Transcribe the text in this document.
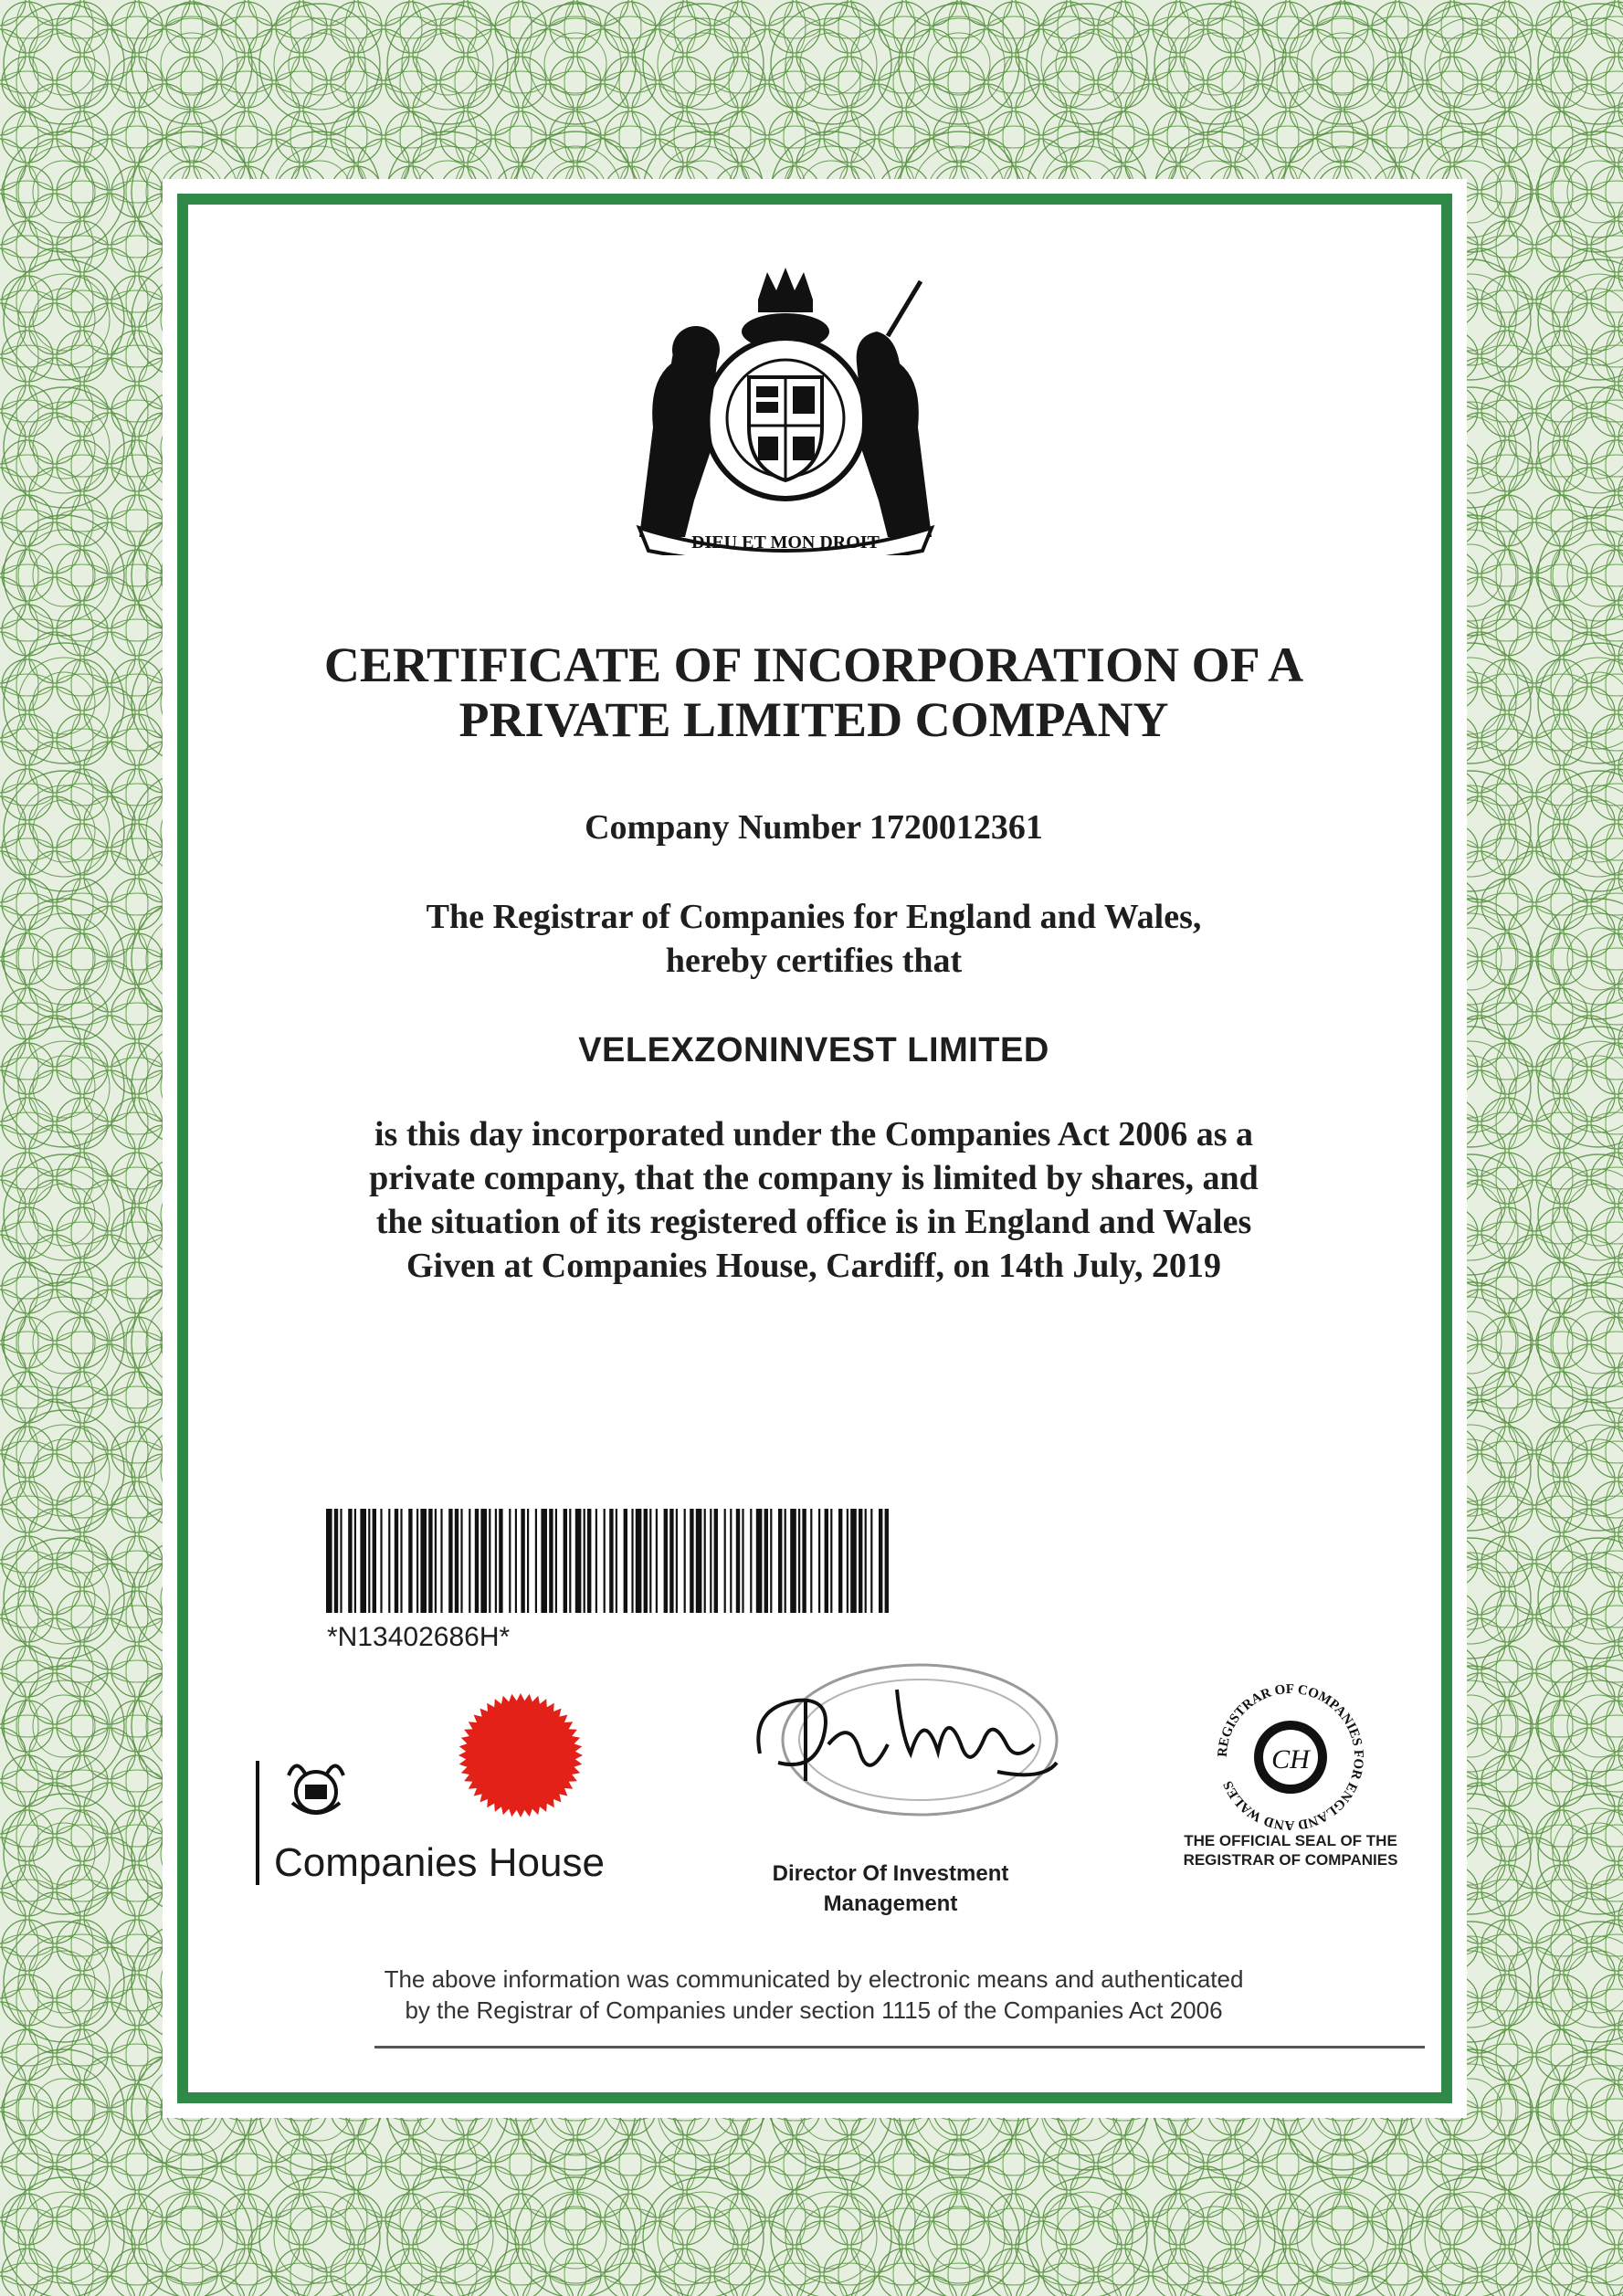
DIEU ET MON DROIT
CERTIFICATE OF INCORPORATION OF A
PRIVATE LIMITED COMPANY
Company Number 1720012361
The Registrar of Companies for England and Wales,
hereby certifies that
VELEXZONINVEST LIMITED
is this day incorporated under the Companies Act 2006 as a
private company, that the company is limited by shares, and
the situation of its registered office is in England and Wales
Given at Companies House, Cardiff, on 14th July, 2019
*N13402686H*
Companies House	Director Of Investment
Management
REGISTRAR OF COMPANIES FOR ENGLAND AND WALES
CH
THE OFFICIAL SEAL OF THE
REGISTRAR OF COMPANIES
The above information was communicated by electronic means and authenticated
by the Registrar of Companies under section 1115 of the Companies Act 2006
